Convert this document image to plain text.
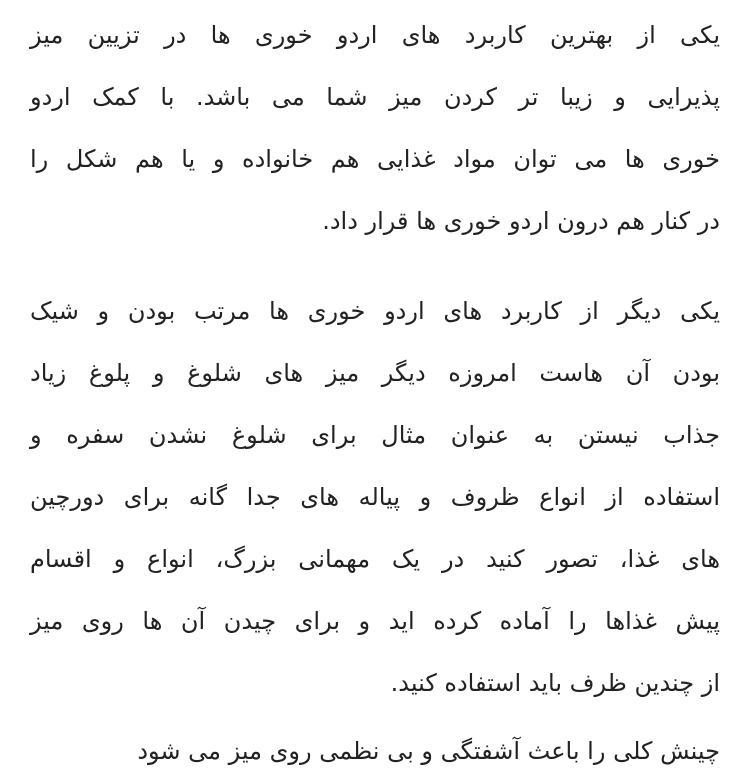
یکی از بهترین کاربرد های اردو خوری ها در تزیین میز
پذیرایی و زیبا تر کردن میز شما می باشد. با کمک اردو
خوری ها می توان مواد غذایی هم خانواده و یا هم شکل را
در کنار هم درون اردو خوری ها قرار داد.
یکی دیگر از کاربرد های اردو خوری ها مرتب بودن و شیک
بودن آن هاست امروزه دیگر میز های شلوغ و پلوغ زیاد
جذاب نیستن به عنوان مثال برای شلوغ نشدن سفره و
استفاده از انواع ظروف و پیاله های جدا گانه برای دورچین
های غذا، تصور کنید در یک مهمانی بزرگ، انواع و اقسام
پیش غذاها را آماده کرده اید و برای چیدن آن ها روی میز
از چندین ظرف باید استفاده کنید.
چینش کلی را باعث آشفتگی و بی نظمی روی میز می شود
